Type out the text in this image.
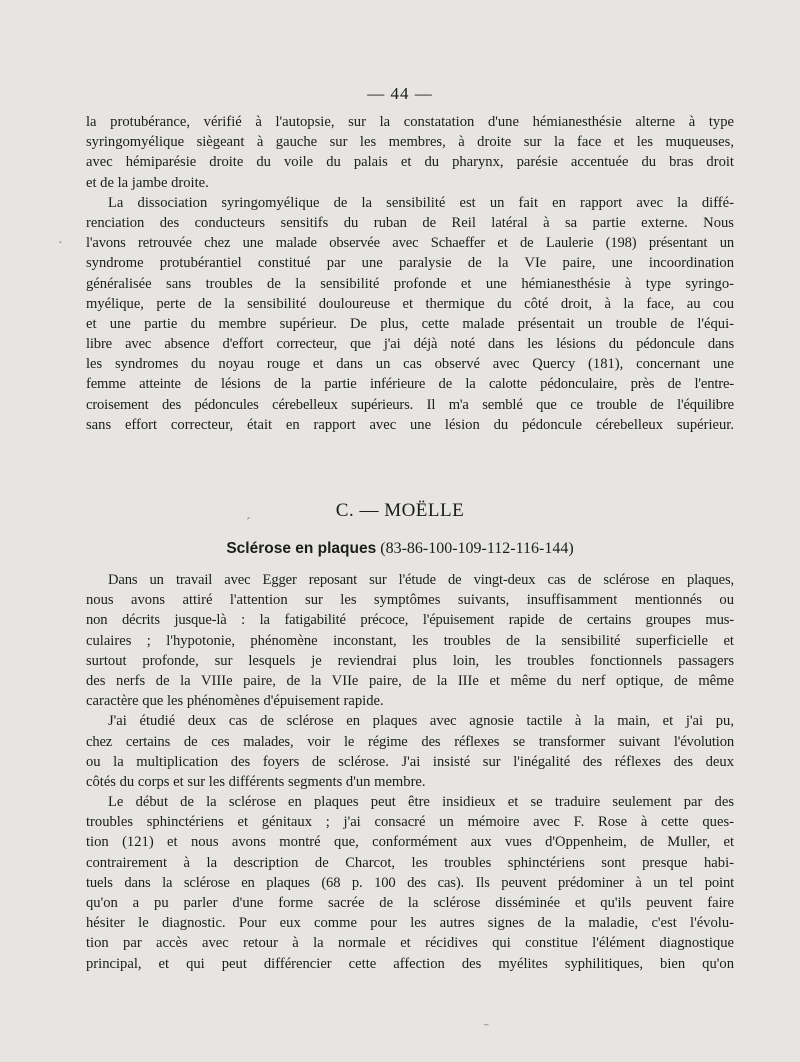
— 44 —
la protubérance, vérifié à l'autopsie, sur la constatation d'une hémianesthésie alterne à type
syringomyélique siègeant à gauche sur les membres, à droite sur la face et les muqueuses,
avec hémiparésie droite du voile du palais et du pharynx, parésie accentuée du bras droit
et de la jambe droite.
La dissociation syringomyélique de la sensibilité est un fait en rapport avec la diffé-
renciation des conducteurs sensitifs du ruban de Reil latéral à sa partie externe. Nous
l'avons retrouvée chez une malade observée avec Schaeffer et de Laulerie (198) présentant un
syndrome protubérantiel constitué par une paralysie de la VIe paire, une incoordination
généralisée sans troubles de la sensibilité profonde et une hémianesthésie à type syringo-
myélique, perte de la sensibilité douloureuse et thermique du côté droit, à la face, au cou
et une partie du membre supérieur. De plus, cette malade présentait un trouble de l'équi-
libre avec absence d'effort correcteur, que j'ai déjà noté dans les lésions du pédoncule dans
les syndromes du noyau rouge et dans un cas observé avec Quercy (181), concernant une
femme atteinte de lésions de la partie inférieure de la calotte pédonculaire, près de l'entre-
croisement des pédoncules cérebelleux supérieurs. Il m'a semblé que ce trouble de l'équilibre
sans effort correcteur, était en rapport avec une lésion du pédoncule cérebelleux supérieur.
C. — MOËLLE
Sclérose en plaques (83-86-100-109-112-116-144)
Dans un travail avec Egger reposant sur l'étude de vingt-deux cas de sclérose en plaques,
nous avons attiré l'attention sur les symptômes suivants, insuffisamment mentionnés ou
non décrits jusque-là : la fatigabilité précoce, l'épuisement rapide de certains groupes mus-
culaires ; l'hypotonie, phénomène inconstant, les troubles de la sensibilité superficielle et
surtout profonde, sur lesquels je reviendrai plus loin, les troubles fonctionnels passagers
des nerfs de la VIIIe paire, de la VIIe paire, de la IIIe et même du nerf optique, de même
caractère que les phénomènes d'épuisement rapide.
J'ai étudié deux cas de sclérose en plaques avec agnosie tactile à la main, et j'ai pu,
chez certains de ces malades, voir le régime des réflexes se transformer suivant l'évolution
ou la multiplication des foyers de sclérose. J'ai insisté sur l'inégalité des réflexes des deux
côtés du corps et sur les différents segments d'un membre.
Le début de la sclérose en plaques peut être insidieux et se traduire seulement par des
troubles sphinctériens et génitaux ; j'ai consacré un mémoire avec F. Rose à cette ques-
tion (121) et nous avons montré que, conformément aux vues d'Oppenheim, de Muller, et
contrairement à la description de Charcot, les troubles sphinctériens sont presque habi-
tuels dans la sclérose en plaques (68 p. 100 des cas). Ils peuvent prédominer à un tel point
qu'on a pu parler d'une forme sacrée de la sclérose disséminée et qu'ils peuvent faire
hésiter le diagnostic. Pour eux comme pour les autres signes de la maladie, c'est l'évolu-
tion par accès avec retour à la normale et récidives qui constitue l'élément diagnostique
principal, et qui peut différencier cette affection des myélites syphilitiques, bien qu'on
·
ˊ
ˉ
